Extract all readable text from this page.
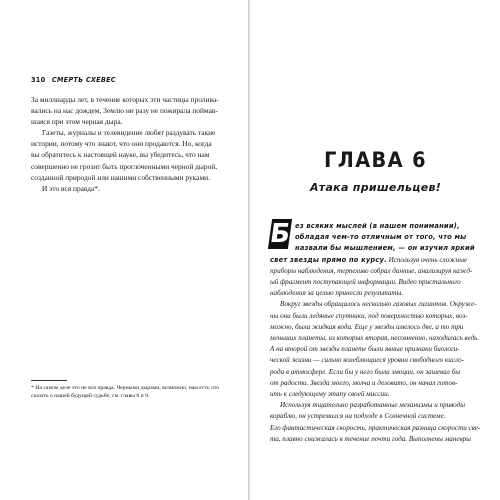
310 СМЕРТЬ СХЕВЕС

За миллиарды лет, в течение которых эти частицы пролива-
вались на нас дождем, Землю ни разу не пожирала поймав-
шаяся при этом черная дыра.

Газеты, журналы и телевидение любят раздувать такие

истории, потому что знают, что они продаются. Но, когда
вы обратитесь к настоящей науке, вы убедитесь, что нам
совершенно не грозит быть проглоченными черной дырой,
созданной природой или нашими собственными руками.

И это вся правда*.

* На самом деле это не вся правда. Черными дырами, возможно, нам есть что
сказать о нашей будущей судьбе; см. главы 8 и 9.
ГЛАВА 6
Атака пришельцев!
Б ез всяких мыслей (в нашем понимании),
обладая чем-то отличным от того, что мы
назвали бы мышлением, — он изучил яркий
свет звезды прямо по курсу. Используя очень сложные
приборы наблюдения, терпеливо собрал данные, анализируя кажд-
ый фрагмент поступающей информации. Видео пристального
наблюдения за целью принесли результаты.
Вокруг звезды обращалось несколько газовых гигантов. Окруже-
ны они были ледяные спутники, под поверхностью которых, воз-
можно, была жидкая вода. Еще у звезды имелось две, а то три
меньших планеты, из которых вторая, несомненно, находилась ведь.
А на второй от звезды планете были явные признаки биологи-
ческой жизни — сильно колеблющиеся уровни свободного кисло-
рода в атмосфере. Если бы у него были эмоции, он зашевал бы
от радости. Звезда моего, молча и деловито, он начал готов-
ить к следующему этапу своей миссии.
Используя тщательно разработанные механизмы и приводы
кораблю, он устремился на подходе к Солнечной системе.
Его фантастическая скорость, практическая разница скорости све-
та, плавно снижалась в течение почти года. Выполнены маневры
